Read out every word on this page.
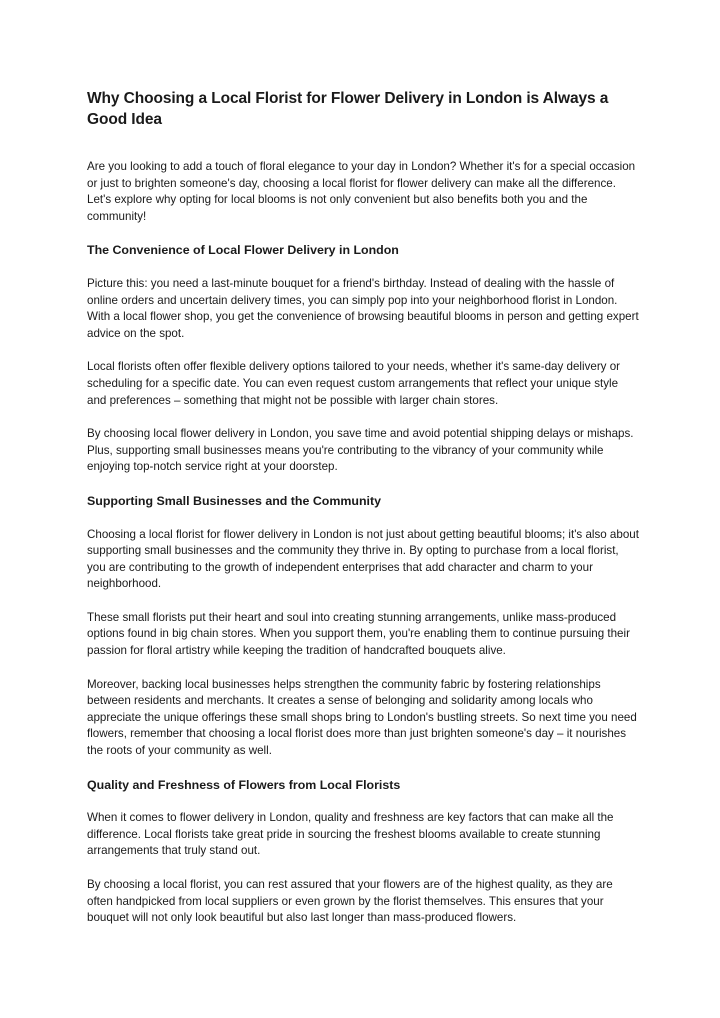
Why Choosing a Local Florist for Flower Delivery in London is Always a Good Idea

Are you looking to add a touch of floral elegance to your day in London? Whether it's for a special occasion or just to brighten someone's day, choosing a local florist for flower delivery can make all the difference. Let's explore why opting for local blooms is not only convenient but also benefits both you and the community!

The Convenience of Local Flower Delivery in London

Picture this: you need a last-minute bouquet for a friend's birthday. Instead of dealing with the hassle of online orders and uncertain delivery times, you can simply pop into your neighborhood florist in London. With a local flower shop, you get the convenience of browsing beautiful blooms in person and getting expert advice on the spot.

Local florists often offer flexible delivery options tailored to your needs, whether it's same-day delivery or scheduling for a specific date. You can even request custom arrangements that reflect your unique style and preferences – something that might not be possible with larger chain stores.

By choosing local flower delivery in London, you save time and avoid potential shipping delays or mishaps. Plus, supporting small businesses means you're contributing to the vibrancy of your community while enjoying top-notch service right at your doorstep.

Supporting Small Businesses and the Community

Choosing a local florist for flower delivery in London is not just about getting beautiful blooms; it's also about supporting small businesses and the community they thrive in. By opting to purchase from a local florist, you are contributing to the growth of independent enterprises that add character and charm to your neighborhood.

These small florists put their heart and soul into creating stunning arrangements, unlike mass-produced options found in big chain stores. When you support them, you're enabling them to continue pursuing their passion for floral artistry while keeping the tradition of handcrafted bouquets alive.

Moreover, backing local businesses helps strengthen the community fabric by fostering relationships between residents and merchants. It creates a sense of belonging and solidarity among locals who appreciate the unique offerings these small shops bring to London's bustling streets. So next time you need flowers, remember that choosing a local florist does more than just brighten someone's day – it nourishes the roots of your community as well.

Quality and Freshness of Flowers from Local Florists

When it comes to flower delivery in London, quality and freshness are key factors that can make all the difference. Local florists take great pride in sourcing the freshest blooms available to create stunning arrangements that truly stand out.

By choosing a local florist, you can rest assured that your flowers are of the highest quality, as they are often handpicked from local suppliers or even grown by the florist themselves. This ensures that your bouquet will not only look beautiful but also last longer than mass-produced flowers.
